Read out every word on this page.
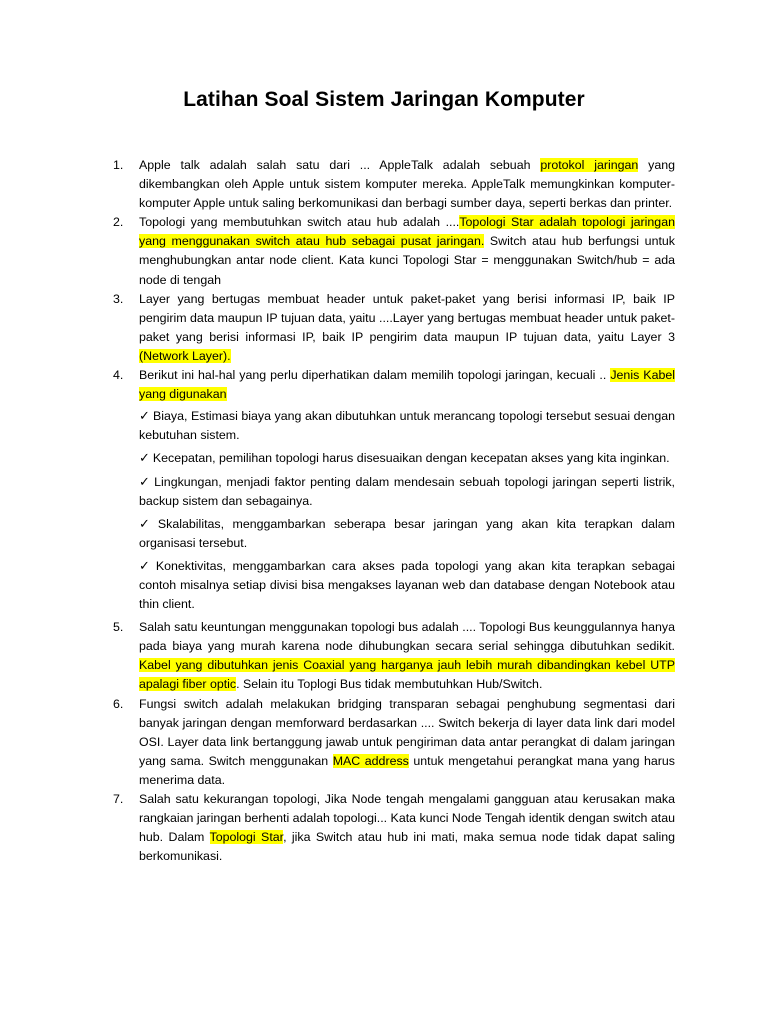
Latihan Soal Sistem Jaringan Komputer
1. Apple talk adalah salah satu dari ... AppleTalk adalah sebuah protokol jaringan yang dikembangkan oleh Apple untuk sistem komputer mereka. AppleTalk memungkinkan komputer-komputer Apple untuk saling berkomunikasi dan berbagi sumber daya, seperti berkas dan printer.
2. Topologi yang membutuhkan switch atau hub adalah ....Topologi Star adalah topologi jaringan yang menggunakan switch atau hub sebagai pusat jaringan. Switch atau hub berfungsi untuk menghubungkan antar node client. Kata kunci Topologi Star = menggunakan Switch/hub = ada node di tengah
3. Layer yang bertugas membuat header untuk paket-paket yang berisi informasi IP, baik IP pengirim data maupun IP tujuan data, yaitu ....Layer yang bertugas membuat header untuk paket-paket yang berisi informasi IP, baik IP pengirim data maupun IP tujuan data, yaitu Layer 3 (Network Layer).
4. Berikut ini hal-hal yang perlu diperhatikan dalam memilih topologi jaringan, kecuali .. Jenis Kabel yang digunakan
✓ Biaya, Estimasi biaya yang akan dibutuhkan untuk merancang topologi tersebut sesuai dengan kebutuhan sistem.
✓ Kecepatan, pemilihan topologi harus disesuaikan dengan kecepatan akses yang kita inginkan.
✓ Lingkungan, menjadi faktor penting dalam mendesain sebuah topologi jaringan seperti listrik, backup sistem dan sebagainya.
✓ Skalabilitas, menggambarkan seberapa besar jaringan yang akan kita terapkan dalam organisasi tersebut.
✓ Konektivitas, menggambarkan cara akses pada topologi yang akan kita terapkan sebagai contoh misalnya setiap divisi bisa mengakses layanan web dan database dengan Notebook atau thin client.
5. Salah satu keuntungan menggunakan topologi bus adalah .... Topologi Bus keunggulannya hanya pada biaya yang murah karena node dihubungkan secara serial sehingga dibutuhkan sedikit. Kabel yang dibutuhkan jenis Coaxial yang harganya jauh lebih murah dibandingkan kebel UTP apalagi fiber optic. Selain itu Toplogi Bus tidak membutuhkan Hub/Switch.
6. Fungsi switch adalah melakukan bridging transparan sebagai penghubung segmentasi dari banyak jaringan dengan memforward berdasarkan .... Switch bekerja di layer data link dari model OSI. Layer data link bertanggung jawab untuk pengiriman data antar perangkat di dalam jaringan yang sama. Switch menggunakan MAC address untuk mengetahui perangkat mana yang harus menerima data.
7. Salah satu kekurangan topologi, Jika Node tengah mengalami gangguan atau kerusakan maka rangkaian jaringan berhenti adalah topologi... Kata kunci Node Tengah identik dengan switch atau hub. Dalam Topologi Star, jika Switch atau hub ini mati, maka semua node tidak dapat saling berkomunikasi.
